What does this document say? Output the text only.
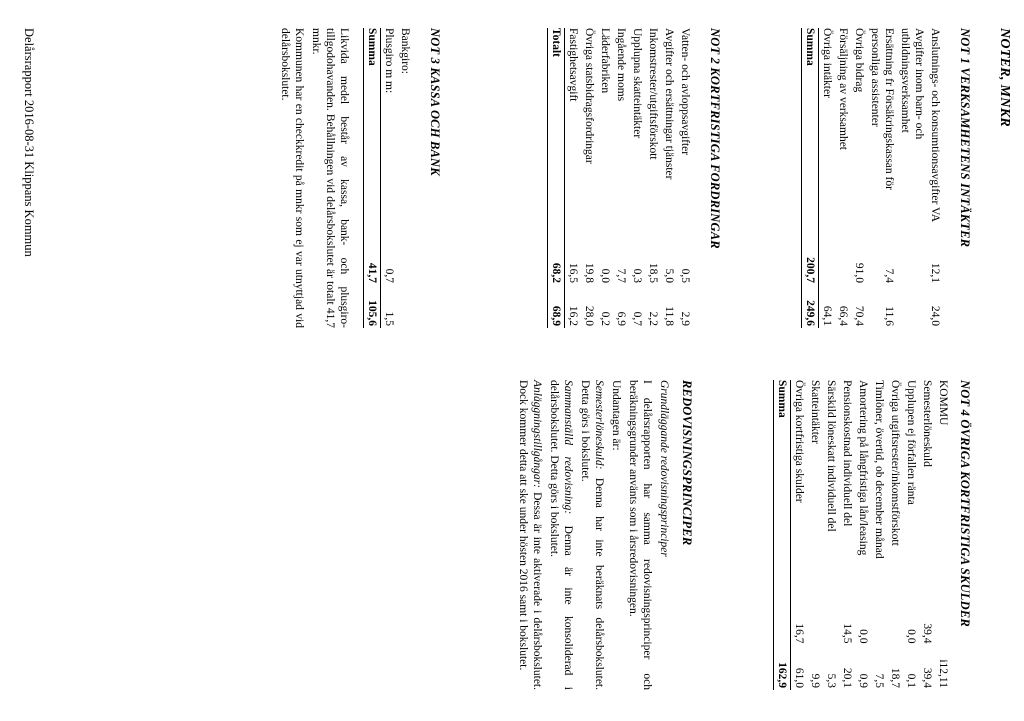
NOTER, MNKR
NOT 1 VERKSAMHETENS INTÄKTER
Anslutnings- och konsumtionsavgifter VA	12,1	24,0
Avgifter inom barn- och utbildningsverksamhet		
Ersättning fr Försäkringskassan för personliga assistenter	7,4	11,6
Övriga bidrag	91,0	70,4
Försäljning av verksamhet		66,4
Övriga intäkter		64,1
Summa	200,7	249,6
NOT 2 KORTFRISTIGA FORDRINGAR
Vatten- och avloppsavgifter	0,5	2,9
Avgifter och ersättningar tjänster	5,0	11,8
Inkomstrester/utgiftsförskott	18,5	2,2
Upplupna skatteintäkter	0,3	0,7
Ingående moms	7,7	6,9
Läderfabriken	0,0	0,2
Övriga statsbidragsfordringar	19,8	28,0
Fastighetsavgift	16,5	16,2
Totalt	68,2	68,9
NOT 3 KASSA OCH BANK
Bankgiro:		
Plusgiro m m:	0,7	1,5
Summa	41,7	105,6

Likvida medel består av kassa, bank- och plusgiro-tillgodohavanden. Behållningen vid delårsbokslutet är totalt 41,7 mnkr.

Kommunen har en checkkredit på mnkr som ej var utnyttjad vid delårsbokslutet.

NOT 4 ÖVRIGA KORTFRISTIGA SKULDER
KOMMU		i12,11
Semesterlöneskuld	39,4	39,4
Upplupen ej förfallen ränta	0,0	0,1
Övriga utgiftsrester/inkomstförskott		18,7
Timlöner, övertid, ob december månad		7,5
Amortering på långfristiga lån/leasing	0,0	0,9
Pensionskostnad individuell del	14,5	20,1
Särskild löneskatt individuell del		5,3
Skatteintäkter		9,9
Övriga kortfristiga skulder	16,7	61,0
Summa		162,9
REDOVISNINGSPRINCIPER

Grundläggande redovisningsprinciper

I delårsrapporten har samma redovisningsprinciper och beräkningsgrunder använts som i årsredovisningen.

Undantagen är:

Semesterlöneskuld: Denna har inte beräknats delårsbokslutet. Detta görs i bokslutet.

Sammanställd redovisning: Denna är inte konsoliderad i delårsbokslutet. Detta görs i bokslutet.

Anläggningstillgångar: Dessa är inte aktiverade i delårsbokslutet. Dock kommer detta att ske under hösten 2016 samt i bokslutet.

Delårsrapport 2016-08-31 Klippans Kommun
